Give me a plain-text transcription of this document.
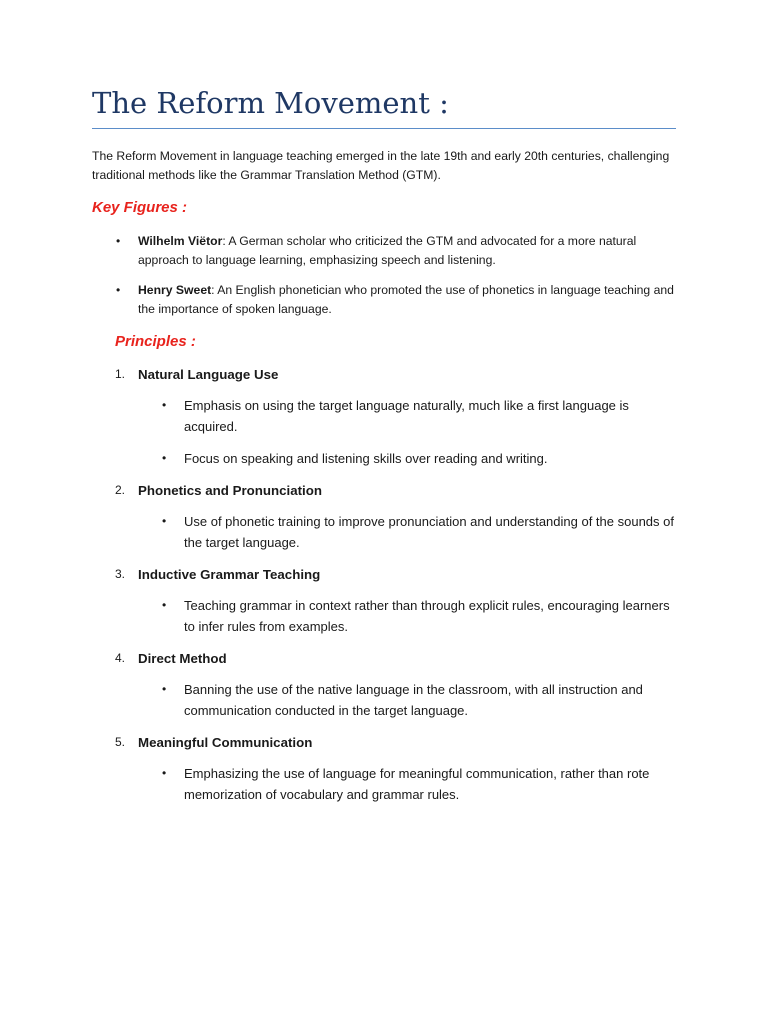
The Reform Movement :

The Reform Movement in language teaching emerged in the late 19th and early 20th centuries, challenging traditional methods like the Grammar Translation Method (GTM).

Key Figures :
• Wilhelm Viëtor: A German scholar who criticized the GTM and advocated for a more natural approach to language learning, emphasizing speech and listening.
• Henry Sweet: An English phonetician who promoted the use of phonetics in language teaching and the importance of spoken language.
Principles :
1. Natural Language Use

• Emphasis on using the target language naturally, much like a first language is acquired.
• Focus on speaking and listening skills over reading and writing.
2. Phonetics and Pronunciation

• Use of phonetic training to improve pronunciation and understanding of the sounds of the target language.
3. Inductive Grammar Teaching

• Teaching grammar in context rather than through explicit rules, encouraging learners to infer rules from examples.
4. Direct Method

• Banning the use of the native language in the classroom, with all instruction and communication conducted in the target language.
5. Meaningful Communication

• Emphasizing the use of language for meaningful communication, rather than rote memorization of vocabulary and grammar rules.
